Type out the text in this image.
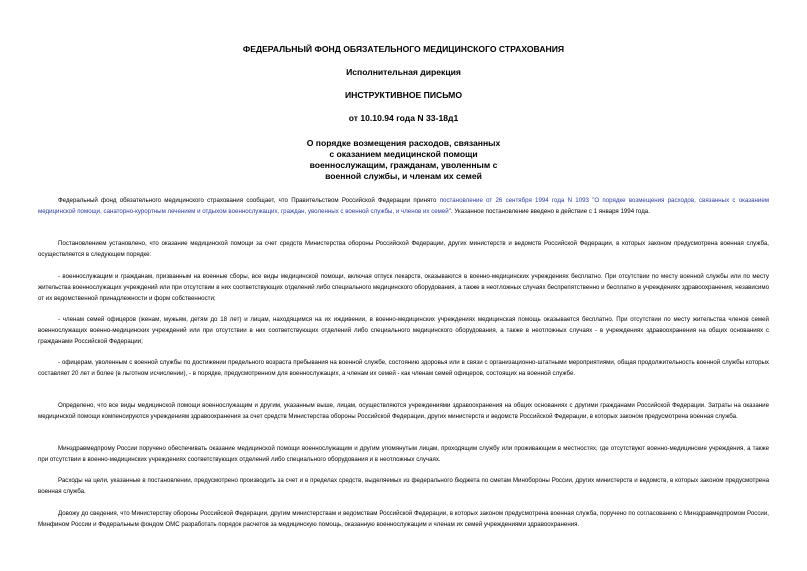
ФЕДЕРАЛЬНЫЙ ФОНД ОБЯЗАТЕЛЬНОГО МЕДИЦИНСКОГО СТРАХОВАНИЯ

Исполнительная дирекция

ИНСТРУКТИВНОЕ ПИСЬМО

от 10.10.94 года N 33-18д1

О порядке возмещения расходов, связанных
с оказанием медицинской помощи
военнослужащим, гражданам, уволенным с
военной службы, и членам их семей

Федеральный фонд обязательного медицинского страхования сообщает, что Правительством Российской Федерации принято постановление от 26 сентября 1994 года N 1093 "О порядке возмещения расходов, связанных с оказанием медицинской помощи, санаторно-курортным лечением и отдыхом военнослужащих, граждан, уволенных с военной службы, и членов их семей". Указанное постановление введено в действие с 1 января 1994 года.

Постановлением установлено, что оказание медицинской помощи за счет средств Министерства обороны Российской Федерации, других министерств и ведомств Российской Федерации, в которых законом предусмотрена военная служба, осуществляется в следующем порядке:

- военнослужащим и гражданам, призванным на военные сборы, все виды медицинской помощи, включая отпуск лекарств, оказываются в военно-медицинских учреждениях бесплатно. При отсутствии по месту военной службы или по месту жительства военнослужащих учреждений или при отсутствии в них соответствующих отделений либо специального медицинского оборудования, а также в неотложных случаях беспрепятственно и бесплатно в учреждениях здравоохранения, независимо от их ведомственной принадлежности и форм собственности;

- членам семей офицеров (женам, мужьям, детям до 18 лет) и лицам, находящимся на их иждивении, в военно-медицинских учреждениях медицинская помощь оказывается бесплатно. При отсутствии по месту жительства членов семей военнослужащих военно-медицинских учреждений или при отсутствии в них соответствующих отделений либо специального медицинского оборудования, а также в неотложных случаях - в учреждениях здравоохранения на общих основаниях с гражданами Российской Федерации;

- офицерам, уволенным с военной службы по достижении предельного возраста пребывания на военной службе, состоянию здоровья или в связи с организационно-штатными мероприятиями, общая продолжительность военной службы которых составляет 20 лет и более (в льготном исчислении), - в порядке, предусмотренном для военнослужащих, а членам их семей - как членам семей офицеров, состоящих на военной службе.

Определено, что все виды медицинской помощи военнослужащим и другим, указанным выше, лицам, осуществляются учреждениями здравоохранения на общих основаниях с другими гражданами Российской Федерации. Затраты на оказание медицинской помощи компенсируются учреждениям здравоохранения за счет средств Министерства обороны Российской Федерации, других министерств и ведомств Российской Федерации, в которых законом предусмотрена военная служба.

Минздравмедпрому России поручено обеспечивать оказание медицинской помощи военнослужащим и другим упомянутым лицам, проходящим службу или проживающим в местностях, где отсутствуют военно-медицинские учреждения, а также при отсутствии в военно-медицинских учреждениях соответствующих отделений либо специального оборудования и в неотложных случаях.

Расходы на цели, указанные в постановлении, предусмотрено производить за счет и в пределах средств, выделяемых из федерального бюджета по сметам Минобороны России, других министерств и ведомств, в которых законом предусмотрена военная служба.

Довожу до сведения, что Министерству обороны Российской Федерации, другим министерствам и ведомствам Российской Федерации, в которых законом предусмотрена военная служба, поручено по согласованию с Минздравмедпромом России, Минфином России и Федеральным фондом ОМС разработать порядок расчетов за медицинскую помощь, оказанную военнослужащим и членам их семей учреждениями здравоохранения.
